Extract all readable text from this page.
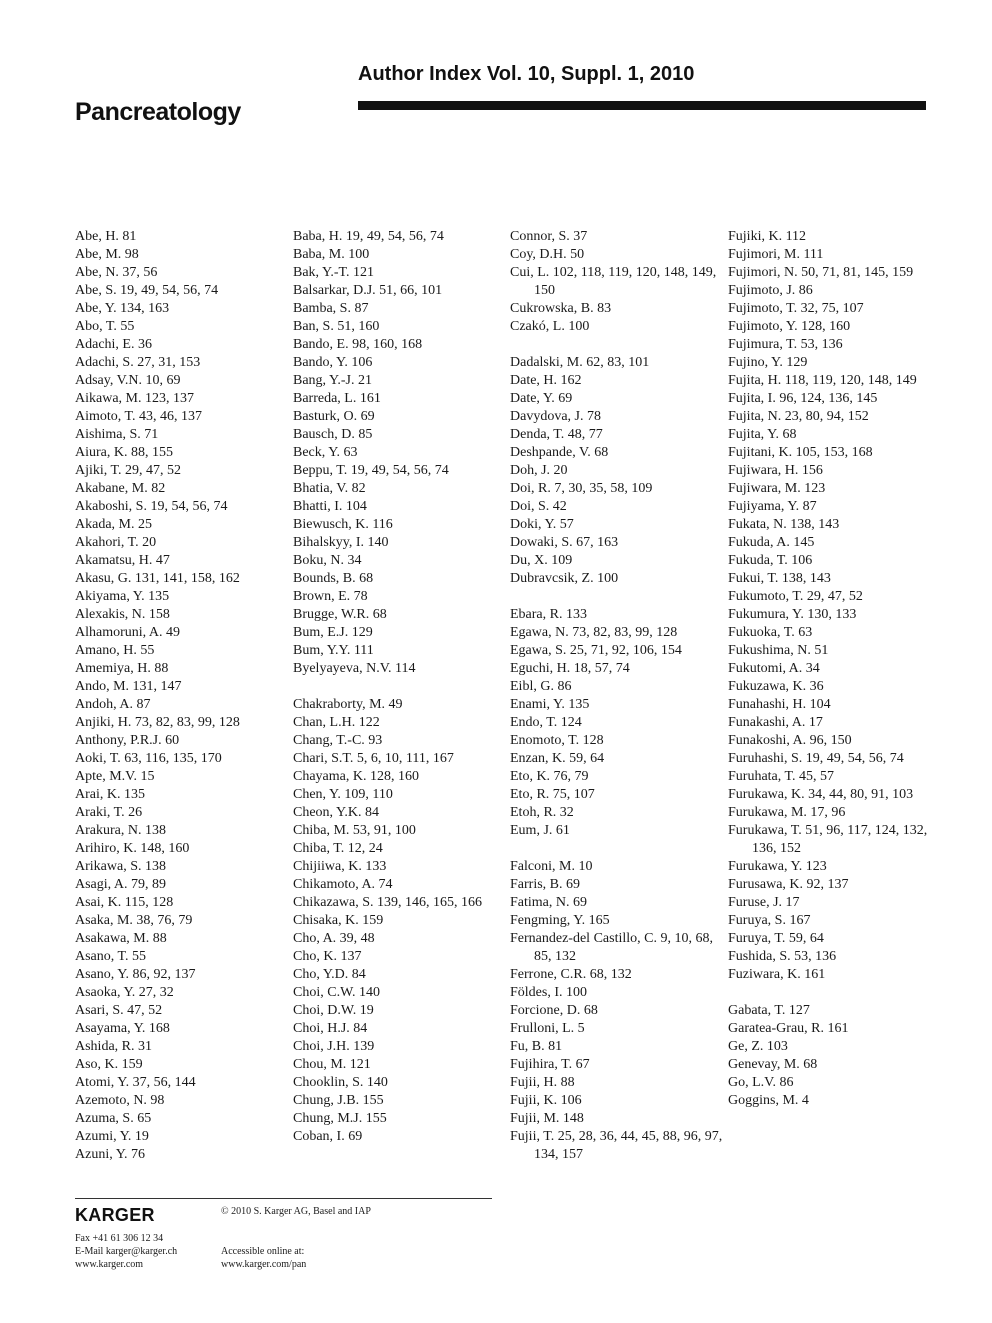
Pancreatology
Author Index Vol. 10, Suppl. 1, 2010
Abe, H. 81
Abe, M. 98
Abe, N. 37, 56
Abe, S. 19, 49, 54, 56, 74
Abe, Y. 134, 163
Abo, T. 55
Adachi, E. 36
Adachi, S. 27, 31, 153
Adsay, V.N. 10, 69
Aikawa, M. 123, 137
Aimoto, T. 43, 46, 137
Aishima, S. 71
Aiura, K. 88, 155
Ajiki, T. 29, 47, 52
Akabane, M. 82
Akaboshi, S. 19, 54, 56, 74
Akada, M. 25
Akahori, T. 20
Akamatsu, H. 47
Akasu, G. 131, 141, 158, 162
Akiyama, Y. 135
Alexakis, N. 158
Alhamoruni, A. 49
Amano, H. 55
Amemiya, H. 88
Ando, M. 131, 147
Andoh, A. 87
Anjiki, H. 73, 82, 83, 99, 128
Anthony, P.R.J. 60
Aoki, T. 63, 116, 135, 170
Apte, M.V. 15
Arai, K. 135
Araki, T. 26
Arakura, N. 138
Arihiro, K. 148, 160
Arikawa, S. 138
Asagi, A. 79, 89
Asai, K. 115, 128
Asaka, M. 38, 76, 79
Asakawa, M. 88
Asano, T. 55
Asano, Y. 86, 92, 137
Asaoka, Y. 27, 32
Asari, S. 47, 52
Asayama, Y. 168
Ashida, R. 31
Aso, K. 159
Atomi, Y. 37, 56, 144
Azemoto, N. 98
Azuma, S. 65
Azumi, Y. 19
Azuni, Y. 76
Baba, H. 19, 49, 54, 56, 74
Baba, M. 100
Bak, Y.-T. 121
Balsarkar, D.J. 51, 66, 101
Bamba, S. 87
Ban, S. 51, 160
Bando, E. 98, 160, 168
Bando, Y. 106
Bang, Y.-J. 21
Barreda, L. 161
Basturk, O. 69
Bausch, D. 85
Beck, Y. 63
Beppu, T. 19, 49, 54, 56, 74
Bhatia, V. 82
Bhatti, I. 104
Biewusch, K. 116
Bihalskyy, I. 140
Boku, N. 34
Bounds, B. 68
Brown, E. 78
Brugge, W.R. 68
Bum, E.J. 129
Bum, Y.Y. 111
Byelyayeva, N.V. 114
Chakraborty, M. 49
Chan, L.H. 122
Chang, T.-C. 93
Chari, S.T. 5, 6, 10, 111, 167
Chayama, K. 128, 160
Chen, Y. 109, 110
Cheon, Y.K. 84
Chiba, M. 53, 91, 100
Chiba, T. 12, 24
Chijiiwa, K. 133
Chikamoto, A. 74
Chikazawa, S. 139, 146, 165, 166
Chisaka, K. 159
Cho, A. 39, 48
Cho, K. 137
Cho, Y.D. 84
Choi, C.W. 140
Choi, D.W. 19
Choi, H.J. 84
Choi, J.H. 139
Chou, M. 121
Chooklin, S. 140
Chung, J.B. 155
Chung, M.J. 155
Coban, I. 69
Connor, S. 37
Coy, D.H. 50
Cui, L. 102, 118, 119, 120, 148, 149, 150
Cukrowska, B. 83
Czakó, L. 100
Dadalski, M. 62, 83, 101
Date, H. 162
Date, Y. 69
Davydova, J. 78
Denda, T. 48, 77
Deshpande, V. 68
Doh, J. 20
Doi, R. 7, 30, 35, 58, 109
Doi, S. 42
Doki, Y. 57
Dowaki, S. 67, 163
Du, X. 109
Dubravcsik, Z. 100
Ebara, R. 133
Egawa, N. 73, 82, 83, 99, 128
Egawa, S. 25, 71, 92, 106, 154
Eguchi, H. 18, 57, 74
Eibl, G. 86
Enami, Y. 135
Endo, T. 124
Enomoto, T. 128
Enzan, K. 59, 64
Eto, K. 76, 79
Eto, R. 75, 107
Etoh, R. 32
Eum, J. 61
Falconi, M. 10
Farris, B. 69
Fatima, N. 69
Fengming, Y. 165
Fernandez-del Castillo, C. 9, 10, 68, 85, 132
Ferrone, C.R. 68, 132
Földes, I. 100
Forcione, D. 68
Frulloni, L. 5
Fu, B. 81
Fujihira, T. 67
Fujii, H. 88
Fujii, K. 106
Fujii, M. 148
Fujii, T. 25, 28, 36, 44, 45, 88, 96, 97, 134, 157
Fujiki, K. 112
Fujimori, M. 111
Fujimori, N. 50, 71, 81, 145, 159
Fujimoto, J. 86
Fujimoto, T. 32, 75, 107
Fujimoto, Y. 128, 160
Fujimura, T. 53, 136
Fujino, Y. 129
Fujita, H. 118, 119, 120, 148, 149
Fujita, I. 96, 124, 136, 145
Fujita, N. 23, 80, 94, 152
Fujita, Y. 68
Fujitani, K. 105, 153, 168
Fujiwara, H. 156
Fujiwara, M. 123
Fujiyama, Y. 87
Fukata, N. 138, 143
Fukuda, A. 145
Fukuda, T. 106
Fukui, T. 138, 143
Fukumoto, T. 29, 47, 52
Fukumura, Y. 130, 133
Fukuoka, T. 63
Fukushima, N. 51
Fukutomi, A. 34
Fukuzawa, K. 36
Funahashi, H. 104
Funakashi, A. 17
Funakoshi, A. 96, 150
Furuhashi, S. 19, 49, 54, 56, 74
Furuhata, T. 45, 57
Furukawa, K. 34, 44, 80, 91, 103
Furukawa, M. 17, 96
Furukawa, T. 51, 96, 117, 124, 132, 136, 152
Furukawa, Y. 123
Furusawa, K. 92, 137
Furuse, J. 17
Furuya, S. 167
Furuya, T. 59, 64
Fushida, S. 53, 136
Fuziwara, K. 161
Gabata, T. 127
Garatea-Grau, R. 161
Ge, Z. 103
Genevay, M. 68
Go, L.V. 86
Goggins, M. 4
KARGER
Fax +41 61 306 12 34
E-Mail karger@karger.ch
www.karger.com
© 2010 S. Karger AG, Basel and IAP
Accessible online at:
www.karger.com/pan
